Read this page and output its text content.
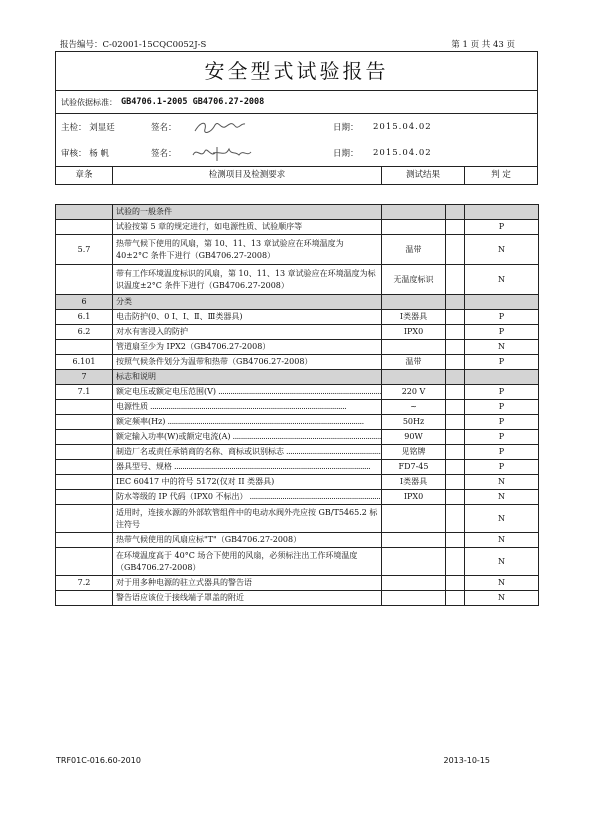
报告编号：C-02001-15CQC0052J-S	第 1 页 共 43 页
安全型式试验报告
试验依据标准： GB4706.1-2005 GB4706.27-2008
主检： 刘显廷	签名：	日期：	2015.04.02
审核： 杨 帆	签名：	日期：	2015.04.02
章条	检测项目及检测要求	测试结果	判 定
	试验的一般条件			
	试验按第 5 章的规定进行，如电源性质、试验顺序等			P
5.7	热带气候下使用的风扇，第 10、11、13 章试验应在环境温度为 40±2°C 条件下进行（GB4706.27-2008）	温带		N
	带有工作环境温度标识的风扇，第 10、11、13 章试验应在环境温度为标识温度±2°C 条件下进行（GB4706.27-2008）	无温度标识		N
6	分类			
6.1	电击防护(0、0 Ⅰ、Ⅰ、Ⅱ、Ⅲ类器具)	Ⅰ类器具		P
6.2	对水有害浸入的防护	IPX0		P
	管道扇至少为 IPX2（GB4706.27-2008）			N
6.101	按照气候条件划分为温带和热带（GB4706.27-2008）	温带		P
7	标志和说明			
7.1	额定电压或额定电压范围(V) .....	220 V		P
	电源性质 .....	~		P
	额定频率(Hz) .....	50Hz		P
	额定输入功率(W)或额定电流(A) .....	90W		P
	制造厂名或责任承销商的名称、商标或识别标志 .....	见铭牌		P
	器具型号、规格 .....	FD7-45		P
	IEC 60417 中的符号 5172(仅对 II 类器具)	Ⅰ类器具		N
	防水等级的 IP 代码（IPX0 不标出） .....	IPX0		N
	适用时，连接水源的外部软管组件中的电动水阀外壳应按 GB/T5465.2 标注符号			N
	热带气候使用的风扇应标"T"（GB4706.27-2008）			N
	在环境温度高于 40°C 场合下使用的风扇，必须标注出工作环境温度（GB4706.27-2008）			N
7.2	对于用多种电源的驻立式器具的警告语			N
	警告语应该位于接线端子罩盖的附近			N
TRF01C-016.60-2010	2013-10-15
